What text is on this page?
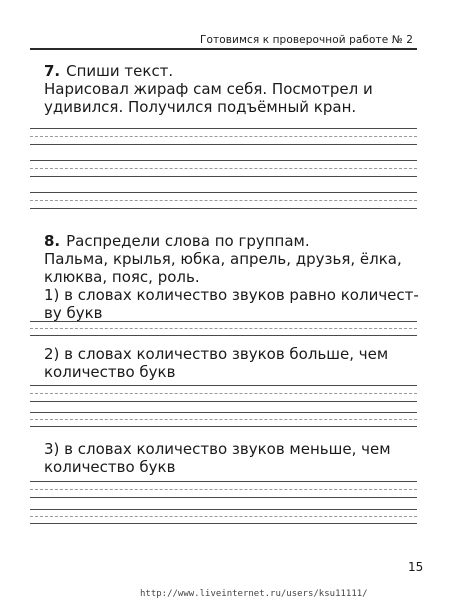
Готовимся к проверочной работе № 2
7. Спиши текст.
Нарисовал жираф сам себя. Посмотрел и
удивился. Получился подъёмный кран.
8. Распредели слова по группам.
Пальма, крылья, юбка, апрель, друзья, ёлка,
клюква, пояс, роль.
1) в словах количество звуков равно количест-
ву букв
2) в словах количество звуков больше, чем
количество букв
3) в словах количество звуков меньше, чем
количество букв
15
http://www.liveinternet.ru/users/ksu11111/
